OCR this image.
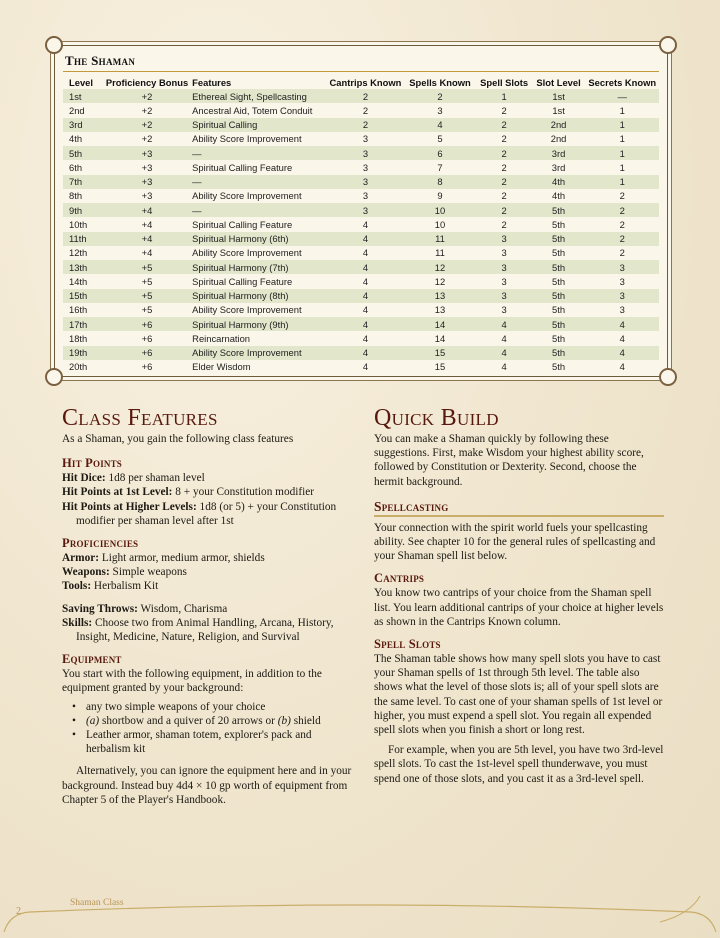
The Shaman
Level	Proficiency Bonus	Features	Cantrips Known	Spells Known	Spell Slots	Slot Level	Secrets Known
1st	+2	Ethereal Sight, Spellcasting	2	2	1	1st	—
2nd	+2	Ancestral Aid, Totem Conduit	2	3	2	1st	1
3rd	+2	Spiritual Calling	2	4	2	2nd	1
4th	+2	Ability Score Improvement	3	5	2	2nd	1
5th	+3	—	3	6	2	3rd	1
6th	+3	Spiritual Calling Feature	3	7	2	3rd	1
7th	+3	—	3	8	2	4th	1
8th	+3	Ability Score Improvement	3	9	2	4th	2
9th	+4	—	3	10	2	5th	2
10th	+4	Spiritual Calling Feature	4	10	2	5th	2
11th	+4	Spiritual Harmony (6th)	4	11	3	5th	2
12th	+4	Ability Score Improvement	4	11	3	5th	2
13th	+5	Spiritual Harmony (7th)	4	12	3	5th	3
14th	+5	Spiritual Calling Feature	4	12	3	5th	3
15th	+5	Spiritual Harmony (8th)	4	13	3	5th	3
16th	+5	Ability Score Improvement	4	13	3	5th	3
17th	+6	Spiritual Harmony (9th)	4	14	4	5th	4
18th	+6	Reincarnation	4	14	4	5th	4
19th	+6	Ability Score Improvement	4	15	4	5th	4
20th	+6	Elder Wisdom	4	15	4	5th	4
Class Features

As a Shaman, you gain the following class features

Hit Points

Hit Dice: 1d8 per shaman level

Hit Points at 1st Level: 8 + your Constitution modifier

Hit Points at Higher Levels: 1d8 (or 5) + your Constitution modifier per shaman level after 1st

Proficiencies

Armor: Light armor, medium armor, shields

Weapons: Simple weapons

Tools: Herbalism Kit

Saving Throws: Wisdom, Charisma

Skills: Choose two from Animal Handling, Arcana, History, Insight, Medicine, Nature, Religion, and Survival

Equipment

You start with the following equipment, in addition to the equipment granted by your background:

• any two simple weapons of your choice
• (a) shortbow and a quiver of 20 arrows or (b) shield
• Leather armor, shaman totem, explorer's pack and herbalism kit

Alternatively, you can ignore the equipment here and in your background. Instead buy 4d4 × 10 gp worth of equipment from Chapter 5 of the Player's Handbook.

Quick Build

You can make a Shaman quickly by following these suggestions. First, make Wisdom your highest ability score, followed by Constitution or Dexterity. Second, choose the hermit background.

Spellcasting

Your connection with the spirit world fuels your spellcasting ability. See chapter 10 for the general rules of spellcasting and your Shaman spell list below.

Cantrips

You know two cantrips of your choice from the Shaman spell list. You learn additional cantrips of your choice at higher levels as shown in the Cantrips Known column.

Spell Slots

The Shaman table shows how many spell slots you have to cast your Shaman spells of 1st through 5th level. The table also shows what the level of those slots is; all of your spell slots are the same level. To cast one of your shaman spells of 1st level or higher, you must expend a spell slot. You regain all expended spell slots when you finish a short or long rest.

For example, when you are 5th level, you have two 3rd-level spell slots. To cast the 1st-level spell thunderwave, you must spend one of those slots, and you cast it as a 3rd-level spell.

Shaman Class
2
